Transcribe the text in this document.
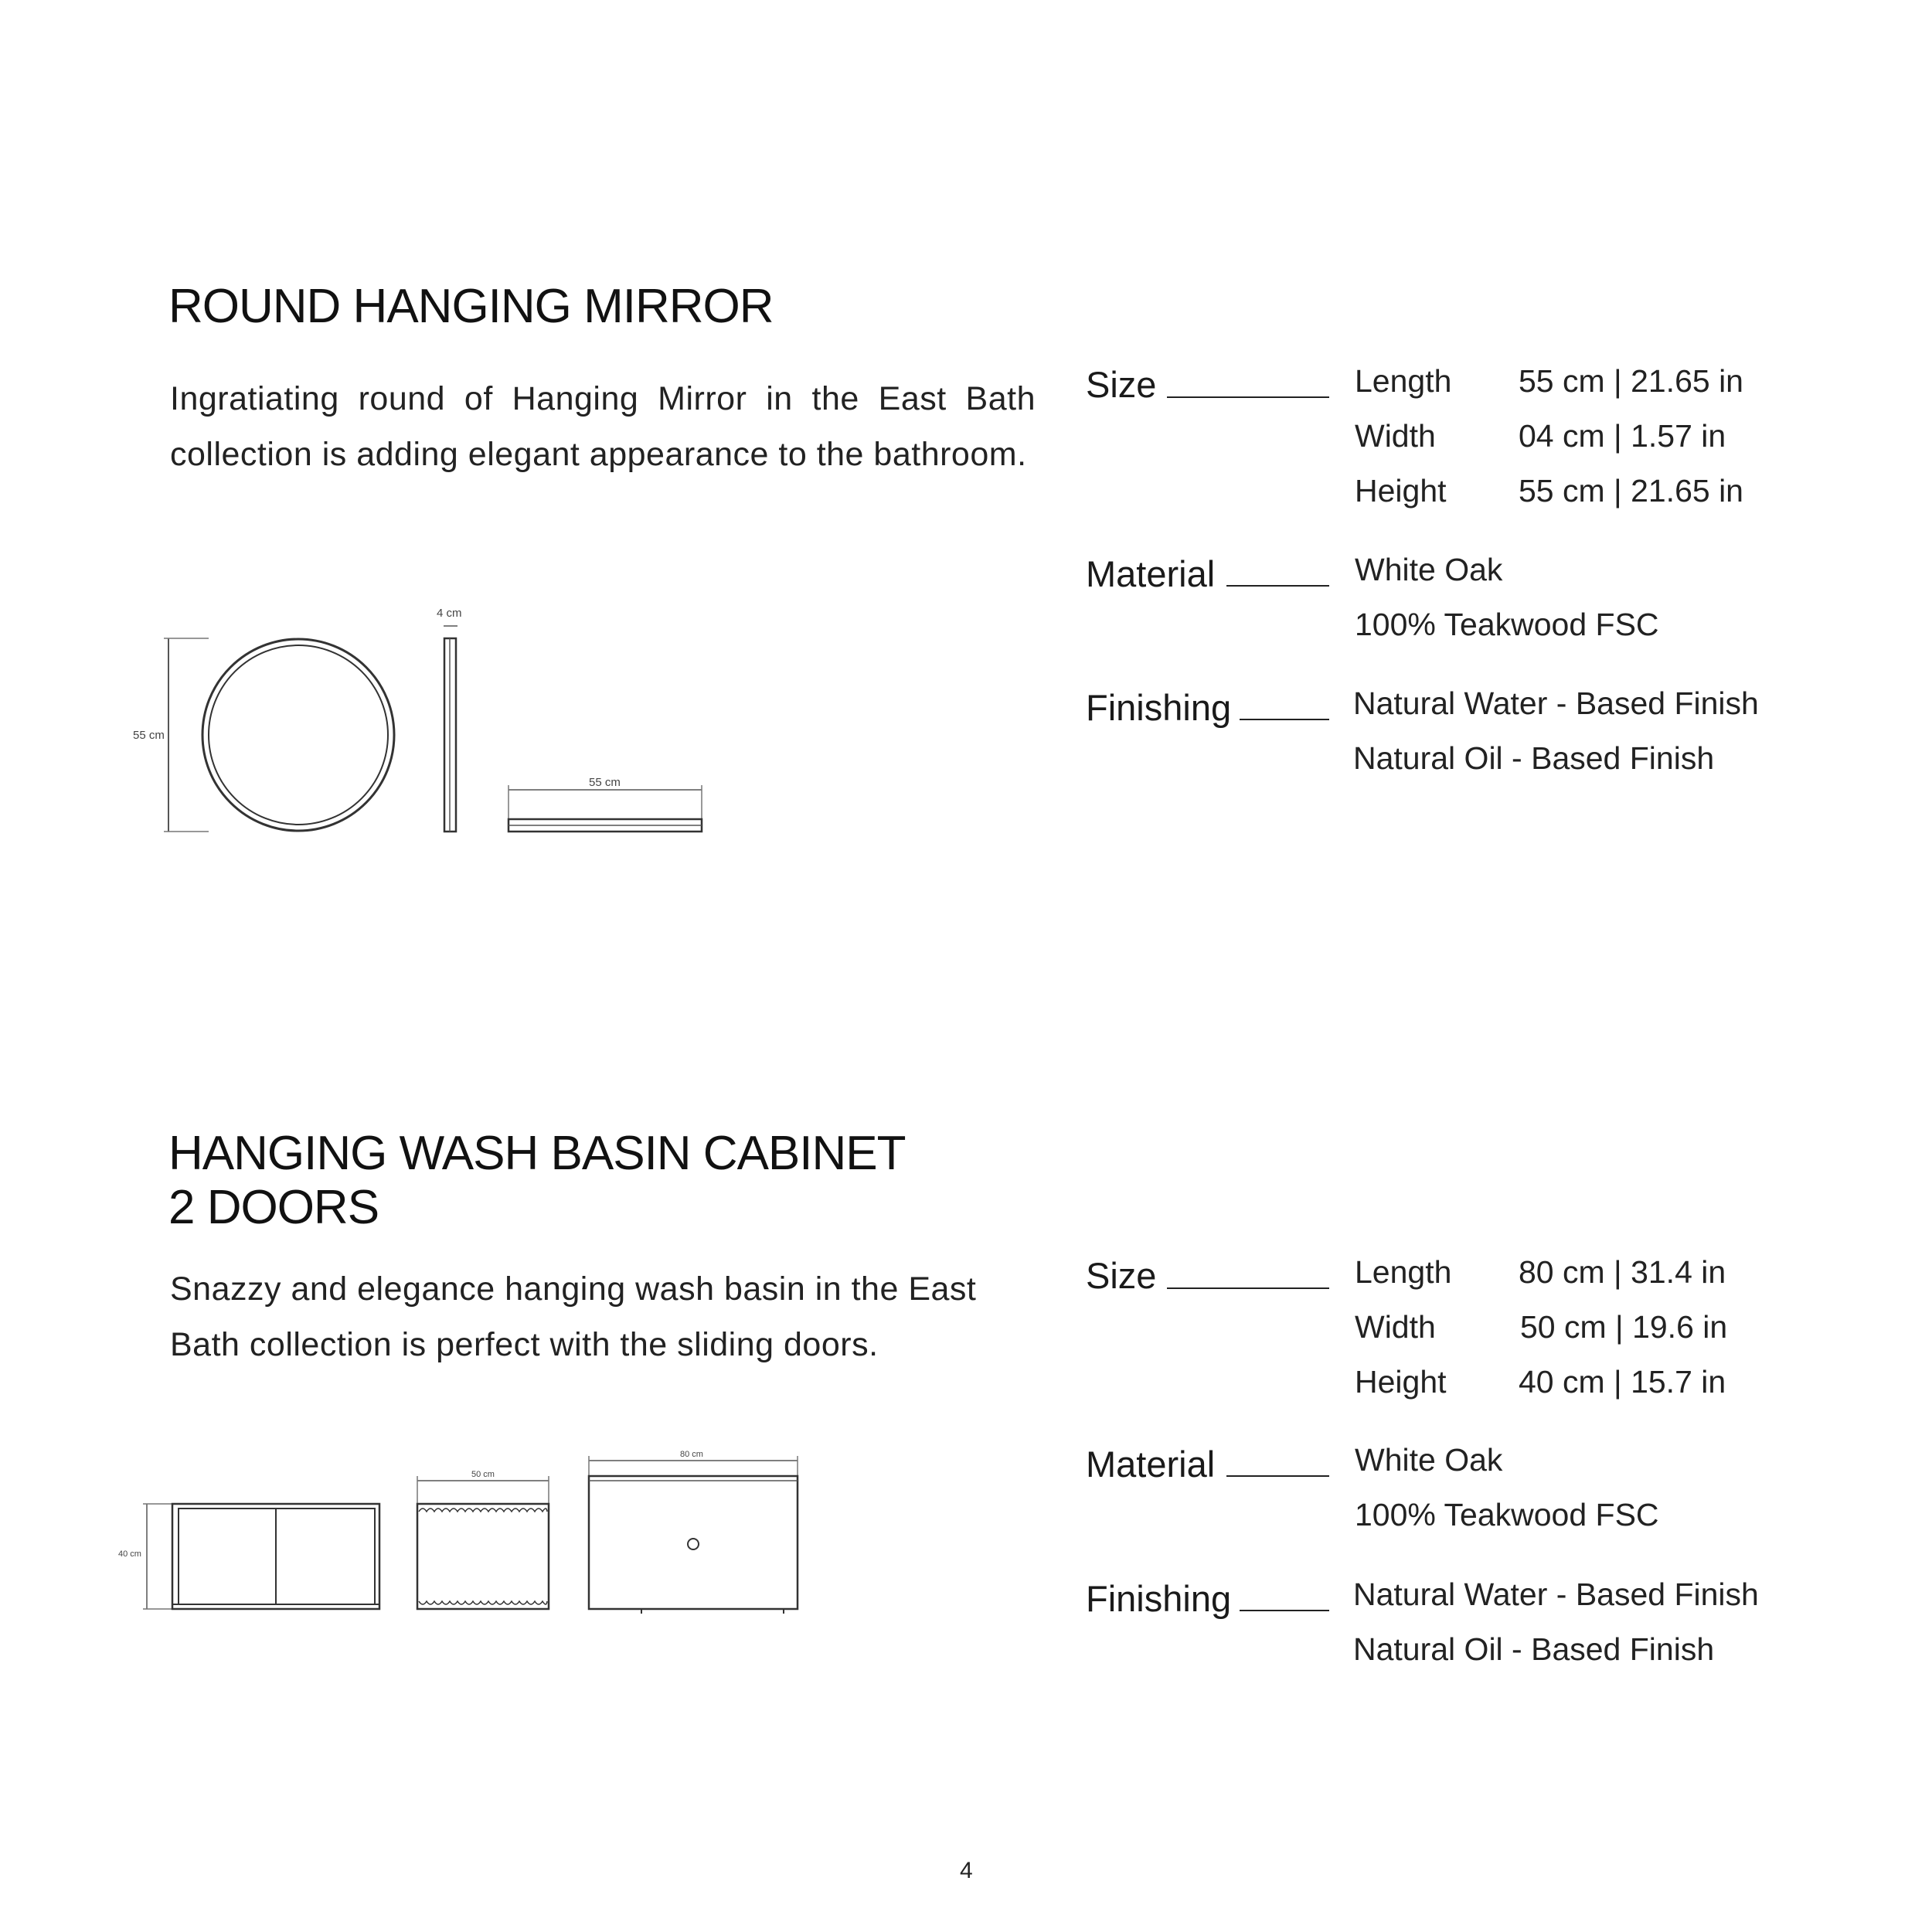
ROUND HANGING MIRROR
Ingratiating round of Hanging Mirror in the East Bath collection is adding elegant appearance to the bathroom.
55 cm
4 cm
55 cm
Size	Length 55 cm | 21.65 in
Width	04 cm | 1.57 in
Height 55 cm | 21.65 in
Material	White Oak
100% Teakwood FSC
Finishing	Natural Water - Based Finish
Natural Oil - Based Finish
HANGING WASH BASIN CABINET
2 DOORS
Snazzy and elegance hanging wash basin in the East Bath collection is perfect with the sliding doors.
40 cm
50 cm
80 cm
Size	Length 80 cm | 31.4 in
Width	50 cm | 19.6 in
Height 40 cm | 15.7 in
Material	White Oak
100% Teakwood FSC
Finishing	Natural Water - Based Finish
Natural Oil - Based Finish
4
